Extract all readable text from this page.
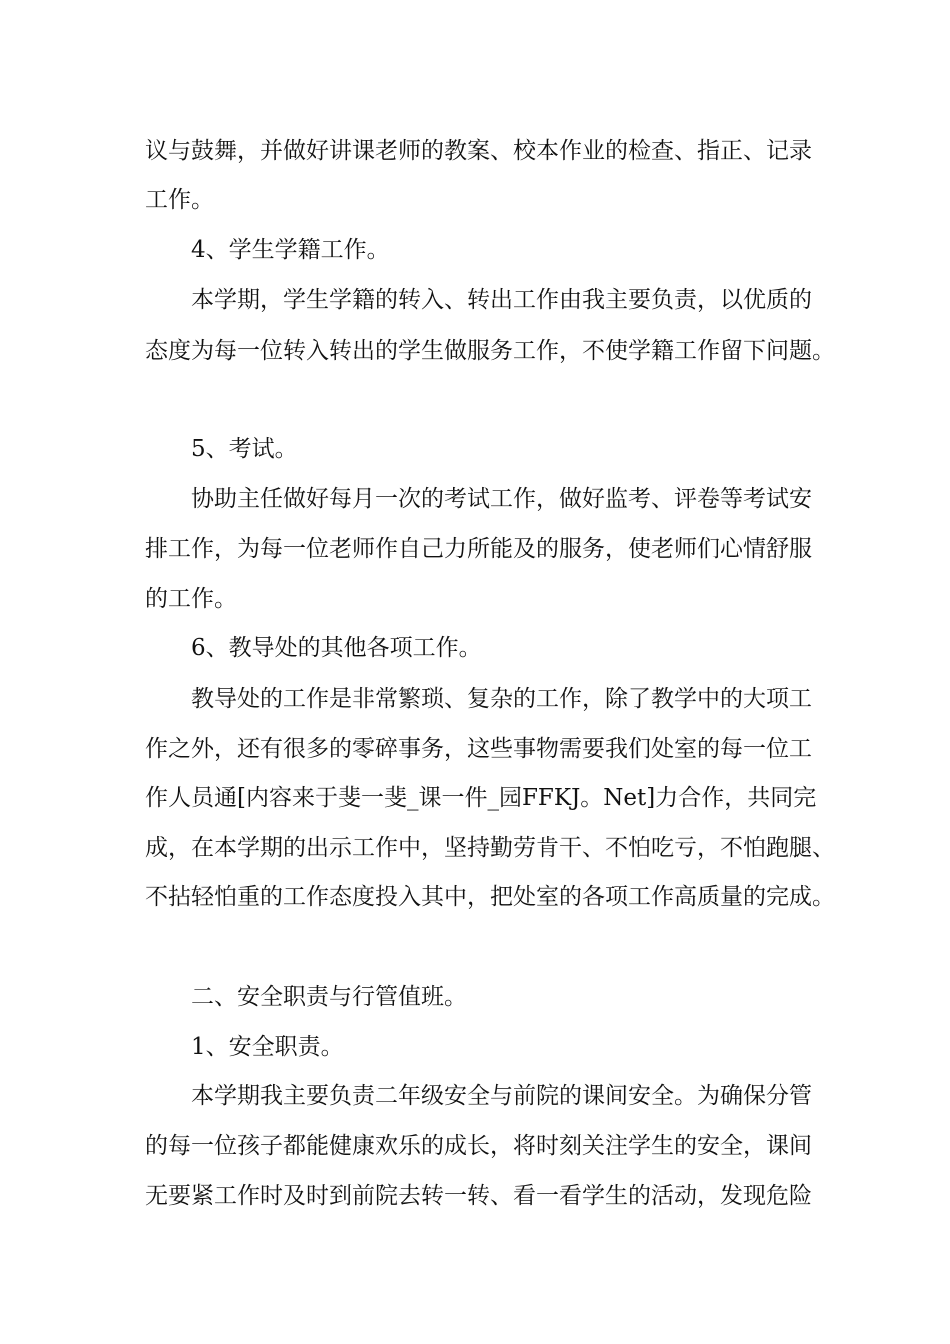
议与鼓舞，并做好讲课老师的教案、校本作业的检查、指正、记录
工作。
4、学生学籍工作。
本学期，学生学籍的转入、转出工作由我主要负责，以优质的
态度为每一位转入转出的学生做服务工作，不使学籍工作留下问题。
5、考试。
协助主任做好每月一次的考试工作，做好监考、评卷等考试安
排工作，为每一位老师作自己力所能及的服务，使老师们心情舒服
的工作。
6、教导处的其他各项工作。
教导处的工作是非常繁琐、复杂的工作，除了教学中的大项工
作之外，还有很多的零碎事务，这些事物需要我们处室的每一位工
作人员通[内容来于斐一斐_课一件_园FFKJ。Net]力合作，共同完
成，在本学期的出示工作中，坚持勤劳肯干、不怕吃亏，不怕跑腿、
不拈轻怕重的工作态度投入其中，把处室的各项工作高质量的完成。
二、安全职责与行管值班。
1、安全职责。
本学期我主要负责二年级安全与前院的课间安全。为确保分管
的每一位孩子都能健康欢乐的成长，将时刻关注学生的安全，课间
无要紧工作时及时到前院去转一转、看一看学生的活动，发现危险
